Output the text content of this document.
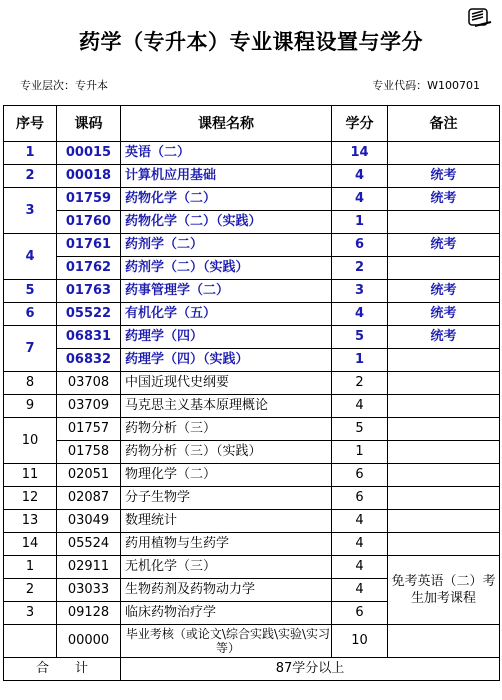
药学（专升本）专业课程设置与学分
专业层次：专升本	专业代码：W100701
序号	课码	课程名称	学分	备注
1	00015	英语（二）	14	
2	00018	计算机应用基础	4	统考
3	01759	药物化学（二）	4	统考
	01760	药物化学（二）（实践）	1	
4	01761	药剂学（二）	6	统考
	01762	药剂学（二）（实践）	2	
5	01763	药事管理学（二）	3	统考
6	05522	有机化学（五）	4	统考
7	06831	药理学（四）	5	统考
	06832	药理学（四）（实践）	1	
8	03708	中国近现代史纲要	2	
9	03709	马克思主义基本原理概论	4	
10	01757	药物分析（三）	5	
	01758	药物分析（三）（实践）	1	
11	02051	物理化学（二）	6	
12	02087	分子生物学	6	
13	03049	数理统计	4	
14	05524	药用植物与生药学	4	
1	02911	无机化学（三）	4	免考英语（二）考生加考课程
2	03033	生物药剂及药物动力学	4	
3	09128	临床药物治疗学	6	
	00000	毕业考核（或论文\综合实践\实验\实习等）	10	
合　　计		87学分以上		
